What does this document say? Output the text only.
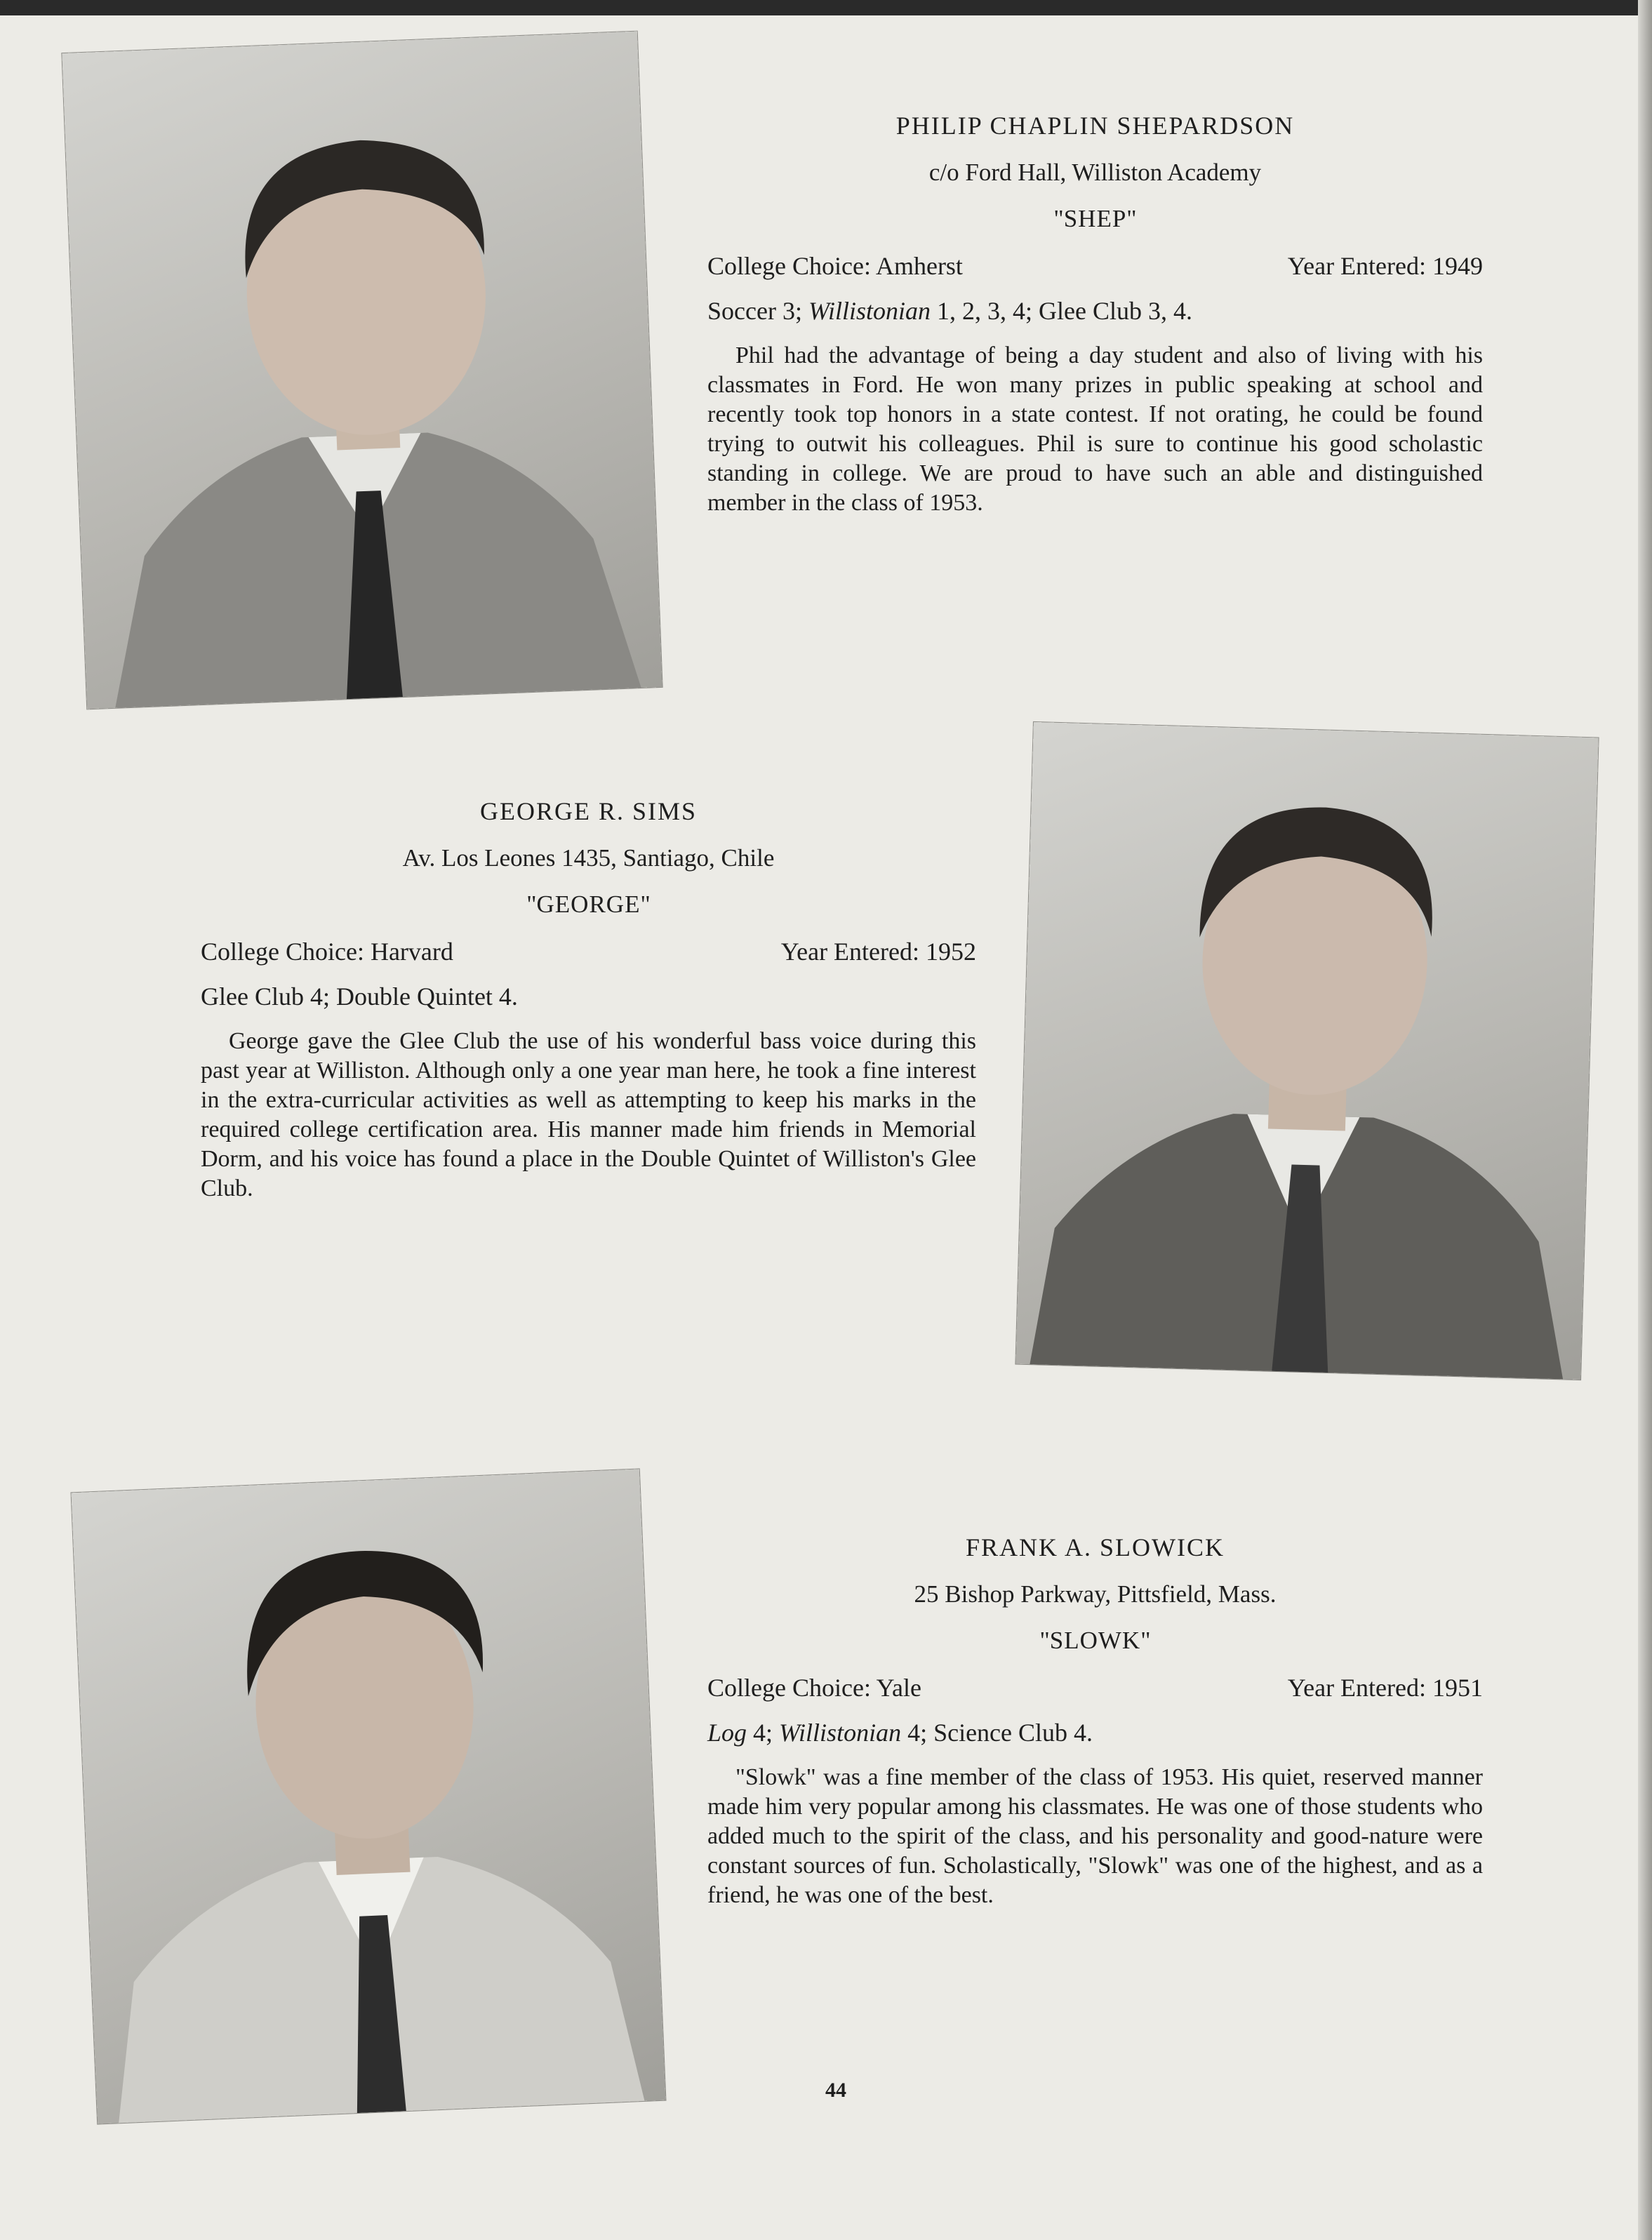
PHILIP CHAPLIN SHEPARDSON

c/o Ford Hall, Williston Academy

"SHEP"

College Choice: Amherst	Year Entered: 1949

Soccer 3; Willistonian 1, 2, 3, 4; Glee Club 3, 4.

Phil had the advantage of being a day student and also of living with his classmates in Ford. He won many prizes in public speaking at school and recently took top honors in a state contest. If not orating, he could be found trying to outwit his colleagues. Phil is sure to continue his good scholastic standing in college. We are proud to have such an able and distinguished member in the class of 1953.

GEORGE R. SIMS

Av. Los Leones 1435, Santiago, Chile

"GEORGE"

College Choice: Harvard	Year Entered: 1952

Glee Club 4; Double Quintet 4.

George gave the Glee Club the use of his wonderful bass voice during this past year at Williston. Although only a one year man here, he took a fine interest in the extra-curricular activities as well as attempting to keep his marks in the required college certification area. His manner made him friends in Memorial Dorm, and his voice has found a place in the Double Quintet of Williston's Glee Club.

FRANK A. SLOWICK

25 Bishop Parkway, Pittsfield, Mass.

"SLOWK"

College Choice: Yale	Year Entered: 1951

Log 4; Willistonian 4; Science Club 4.

"Slowk" was a fine member of the class of 1953. His quiet, reserved manner made him very popular among his classmates. He was one of those students who added much to the spirit of the class, and his personality and good-nature were constant sources of fun. Scholastically, "Slowk" was one of the highest, and as a friend, he was one of the best.

44
